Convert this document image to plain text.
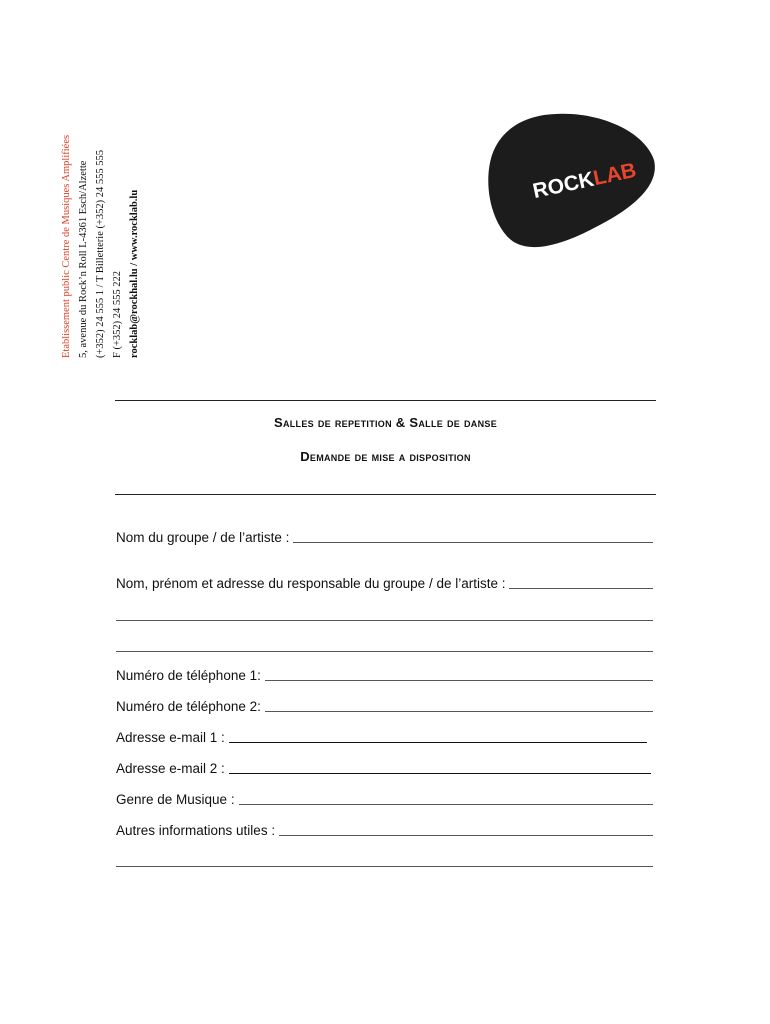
Etablissement public Centre de Musiques Amplifiées 5, avenue du Rock’n Roll L-4361 Esch/Alzette (+352) 24 555 1 / T Billetterie (+352) 24 555 555 F (+352) 24 555 222 rocklab@rockhal.lu / www.rocklab.lu
ROCKLAB
Salles de repetition & Salle de danse
Demande de mise a disposition
Nom du groupe / de l’artiste :
Nom, prénom et adresse du responsable du groupe / de l’artiste :
Numéro de téléphone 1:
Numéro de téléphone 2:
Adresse e-mail 1 :
Adresse e-mail 2 :
Genre de Musique :
Autres informations utiles :
